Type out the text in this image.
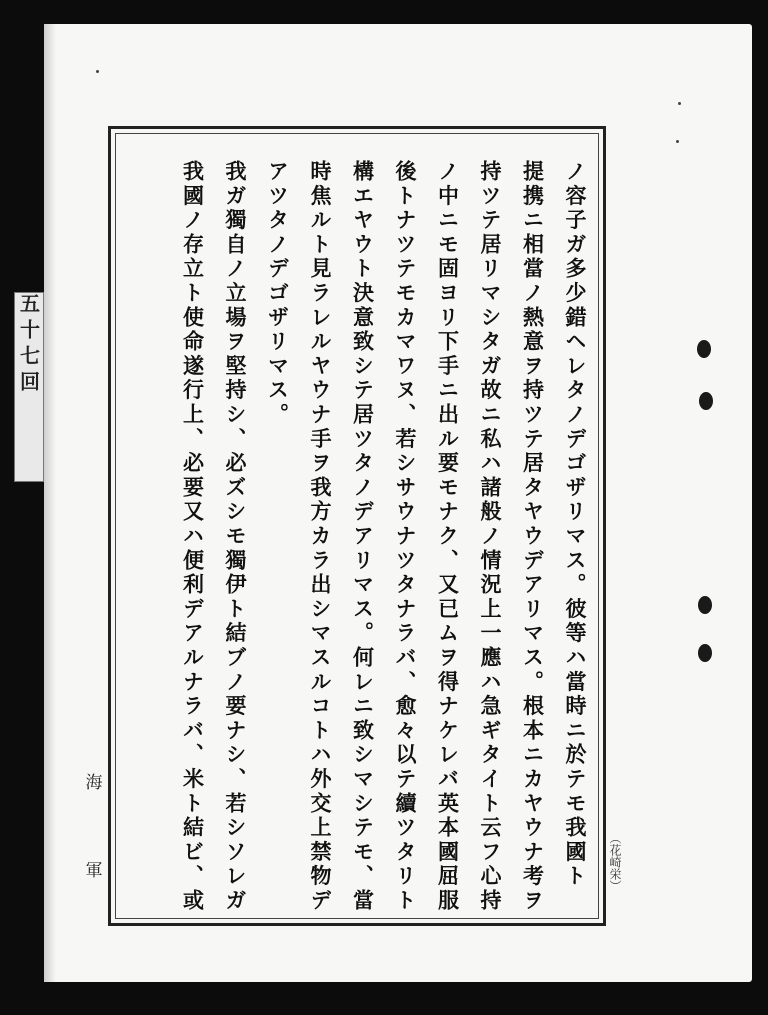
五十七回	ノ容子ガ多少錯ヘレタノデゴザリマス。彼等ハ當時ニ於テモ我國ト
提携ニ相當ノ熱意ヲ持ツテ居タヤウデアリマス。根本ニカヤウナ考ヲ
持ツテ居リマシタガ故ニ私ハ諸般ノ情況上一應ハ急ギタイト云フ心持
ノ中ニモ固ヨリ下手ニ出ル要モナク、又已ムヲ得ナケレバ英本國屈服
後トナツテモカマワヌ、若シサウナツタナラバ、愈々以テ續ツタリト
構エヤウト決意致シテ居ツタノデアリマス。何レニ致シマシテモ、當
時焦ルト見ラレルヤウナ手ヲ我方カラ出シマスルコトハ外交上禁物デ
アツタノデゴザリマス。
我ガ獨自ノ立場ヲ堅持シ、必ズシモ獨伊ト結ブノ要ナシ、若シソレガ
我國ノ存立ト使命遂行上、必要又ハ便利デアルナラバ、米ト結ビ、或	（花崎栄）
海
軍
